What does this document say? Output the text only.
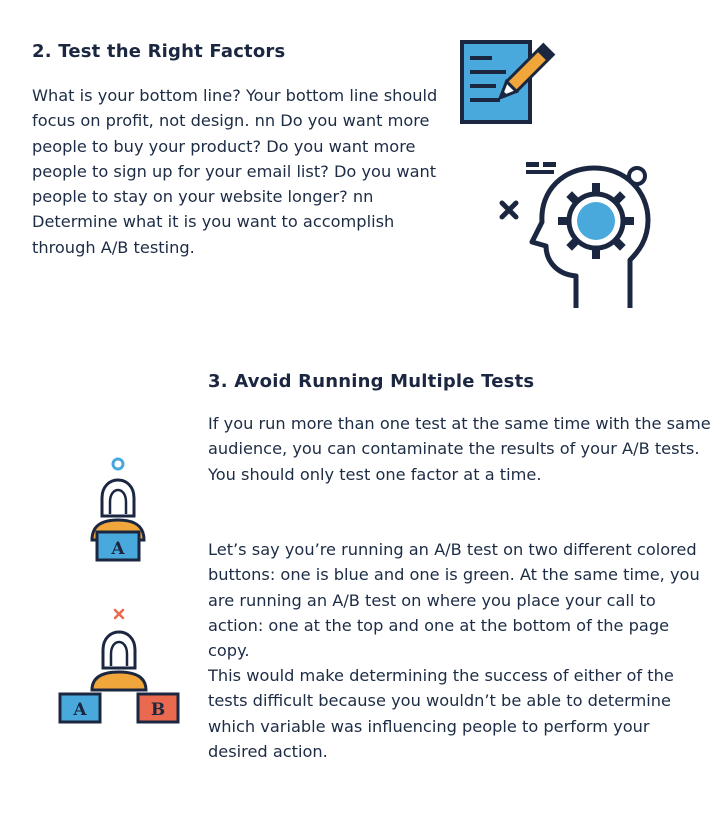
2. Test the Right Factors

What is your bottom line? Your bottom line should focus on profit, not design. nn Do you want more people to buy your product? Do you want more people to sign up for your email list? Do you want people to stay on your website longer? nn Determine what it is you want to accomplish through A/B testing.

3. Avoid Running Multiple Tests

If you run more than one test at the same time with the same audience, you can contaminate the results of your A/B tests. You should only test one factor at a time.

Let’s say you’re running an A/B test on two different colored buttons: one is blue and one is green. At the same time, you are running an A/B test on where you place your call to action: one at the top and one at the bottom of the page copy.

This would make determining the success of either of the tests difficult because you wouldn’t be able to determine which variable was influencing people to perform your desired action.

A
A	B
